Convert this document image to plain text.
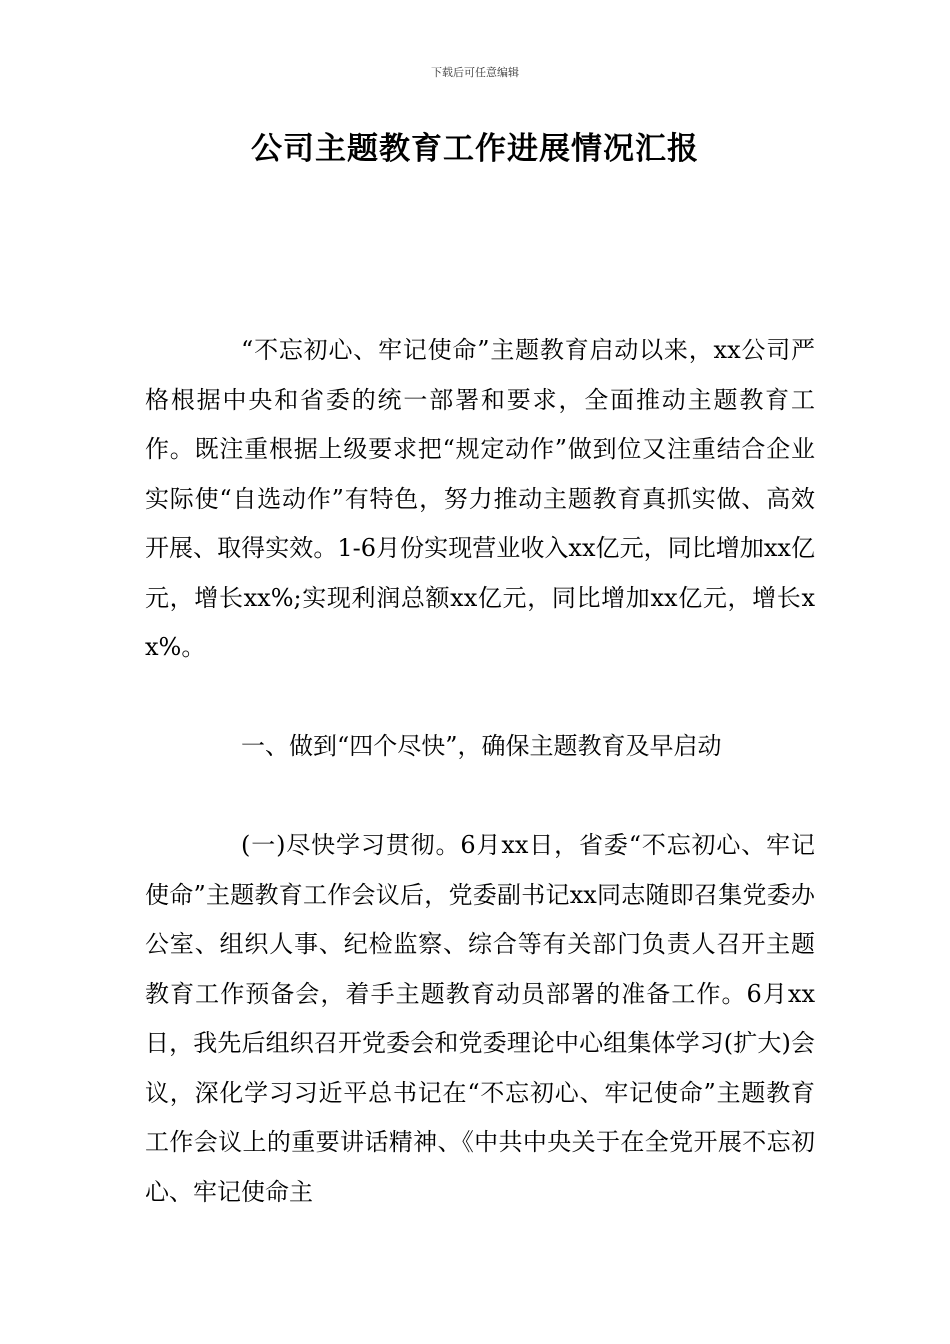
下载后可任意编辑
公司主题教育工作进展情况汇报

“不忘初心、牢记使命”主题教育启动以来，xx公司严格根据中央和省委的统一部署和要求，全面推动主题教育工作。既注重根据上级要求把“规定动作”做到位又注重结合企业实际使“自选动作”有特色，努力推动主题教育真抓实做、高效开展、取得实效。1-6月份实现营业收入xx亿元，同比增加xx亿元，增长xx%;实现利润总额xx亿元，同比增加xx亿元，增长xx%。

一、做到“四个尽快”，确保主题教育及早启动

(一)尽快学习贯彻。6月xx日，省委“不忘初心、牢记使命”主题教育工作会议后，党委副书记xx同志随即召集党委办公室、组织人事、纪检监察、综合等有关部门负责人召开主题教育工作预备会，着手主题教育动员部署的准备工作。6月xx日，我先后组织召开党委会和党委理论中心组集体学习(扩大)会议，深化学习习近平总书记在“不忘初心、牢记使命”主题教育工作会议上的重要讲话精神、《中共中央关于在全党开展不忘初心、牢记使命主
